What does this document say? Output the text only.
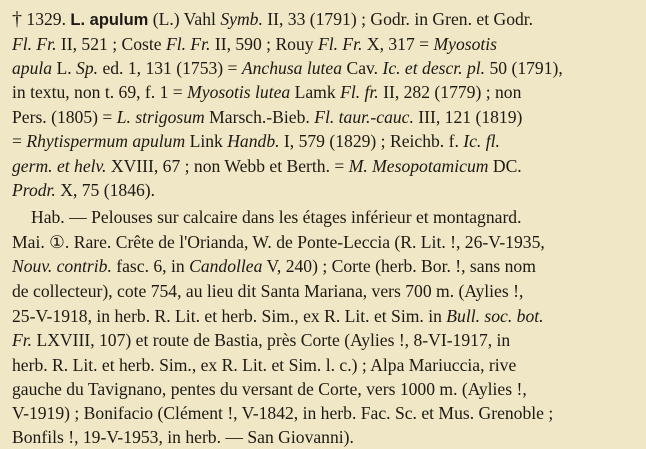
† 1329. L. apulum (L.) Vahl Symb. II, 33 (1791) ; Godr. in Gren. et Godr.
Fl. Fr. II, 521 ; Coste Fl. Fr. II, 590 ; Rouy Fl. Fr. X, 317 = Myosotis
apula L. Sp. ed. 1, 131 (1753) = Anchusa lutea Cav. Ic. et descr. pl. 50 (1791),
in textu, non t. 69, f. 1 = Myosotis lutea Lamk Fl. fr. II, 282 (1779) ; non
Pers. (1805) = L. strigosum Marsch.-Bieb. Fl. taur.-cauc. III, 121 (1819)
= Rhytispermum apulum Link Handb. I, 579 (1829) ; Reichb. f. Ic. fl.
germ. et helv. XVIII, 67 ; non Webb et Berth. = M. Mesopotamicum DC.
Prodr. X, 75 (1846).
Hab. — Pelouses sur calcaire dans les étages inférieur et montagnard.
Mai. ①. Rare. Crête de l'Orianda, W. de Ponte-Leccia (R. Lit. !, 26-V-1935,
Nouv. contrib. fasc. 6, in Candollea V, 240) ; Corte (herb. Bor. !, sans nom
de collecteur), cote 754, au lieu dit Santa Mariana, vers 700 m. (Aylies !,
25-V-1918, in herb. R. Lit. et herb. Sim., ex R. Lit. et Sim. in Bull. soc. bot.
Fr. LXVIII, 107) et route de Bastia, près Corte (Aylies !, 8-VI-1917, in
herb. R. Lit. et herb. Sim., ex R. Lit. et Sim. l. c.) ; Alpa Mariuccia, rive
gauche du Tavignano, pentes du versant de Corte, vers 1000 m. (Aylies !,
V-1919) ; Bonifacio (Clément !, V-1842, in herb. Fac. Sc. et Mus. Grenoble ;
Bonfils !, 19-V-1953, in herb. — San Giovanni).
